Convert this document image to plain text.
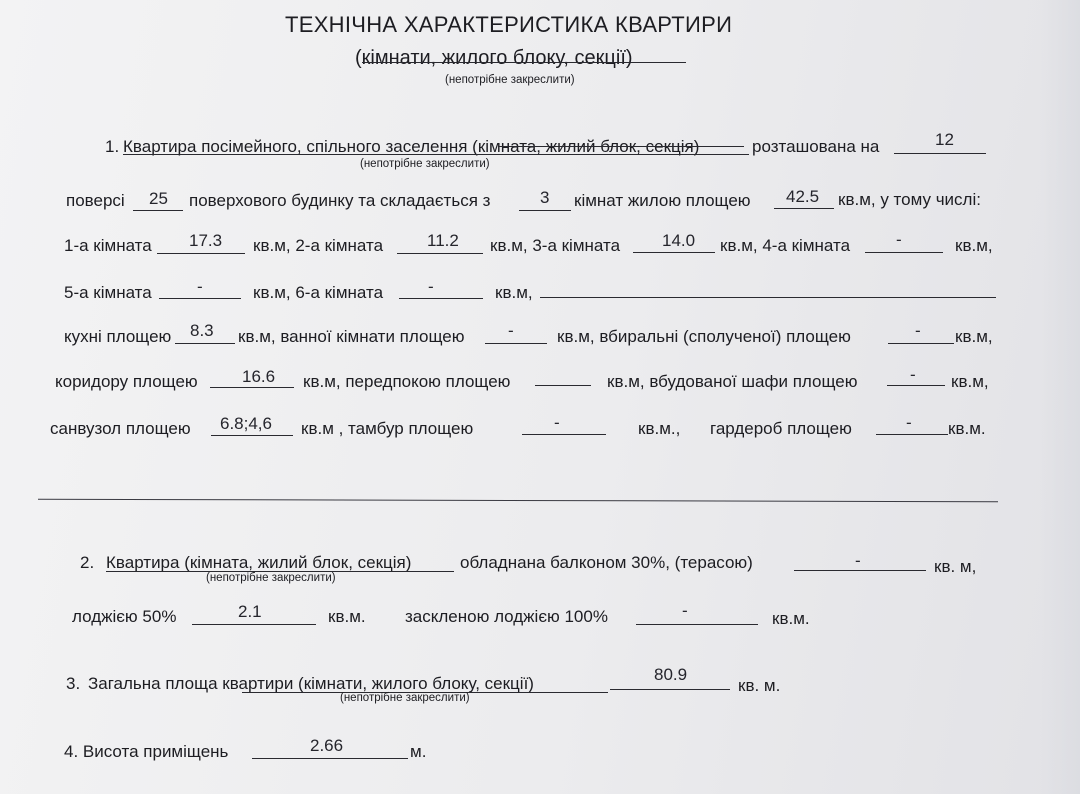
ТЕХНІЧНА ХАРАКТЕРИСТИКА КВАРТИРИ
(кімнати, жилого блоку, секції)
(непотрібне закреслити)
1. Квартира посімейного, спільного заселення (кімната, жилий блок, секція)	розташована на	12
(непотрібне закреслити)
поверсі 25 поверхового будинку та складається з	3 кімнат жилою площею 42.5 кв.м, у тому числі:
1-а кімната 17.3 кв.м, 2-а кімната	11.2 кв.м, 3-а кімната 14.0 кв.м, 4-а кімната	-	кв.м,
5-а кімната	-	кв.м, 6-а кімната	-	кв.м,
кухні площею 8.3 кв.м, ванної кімнати площею	-	кв.м, вбиральні (сполученої) площею	- кв.м,
коридору площею	16.6 кв.м, передпокою площею	кв.м, вбудованої шафи площею	- кв.м,
санвузол площею 6.8;4,6 кв.м , тамбур площею	-	кв.м., гардероб площею	- кв.м.
2. Квартира (кімната, жилий блок, секція)	обладнана балконом 30%, (терасою)	-	кв. м,
(непотрібне закреслити)
лоджією 50%	2.1	кв.м. засклeною лоджією 100%	-	кв.м.
3. Загальна площа квартири (кімнати, жилого блоку, секції)	80.9
кв. м.
(непотрібне закреслити)
4. Висота приміщень	2.66	м.
